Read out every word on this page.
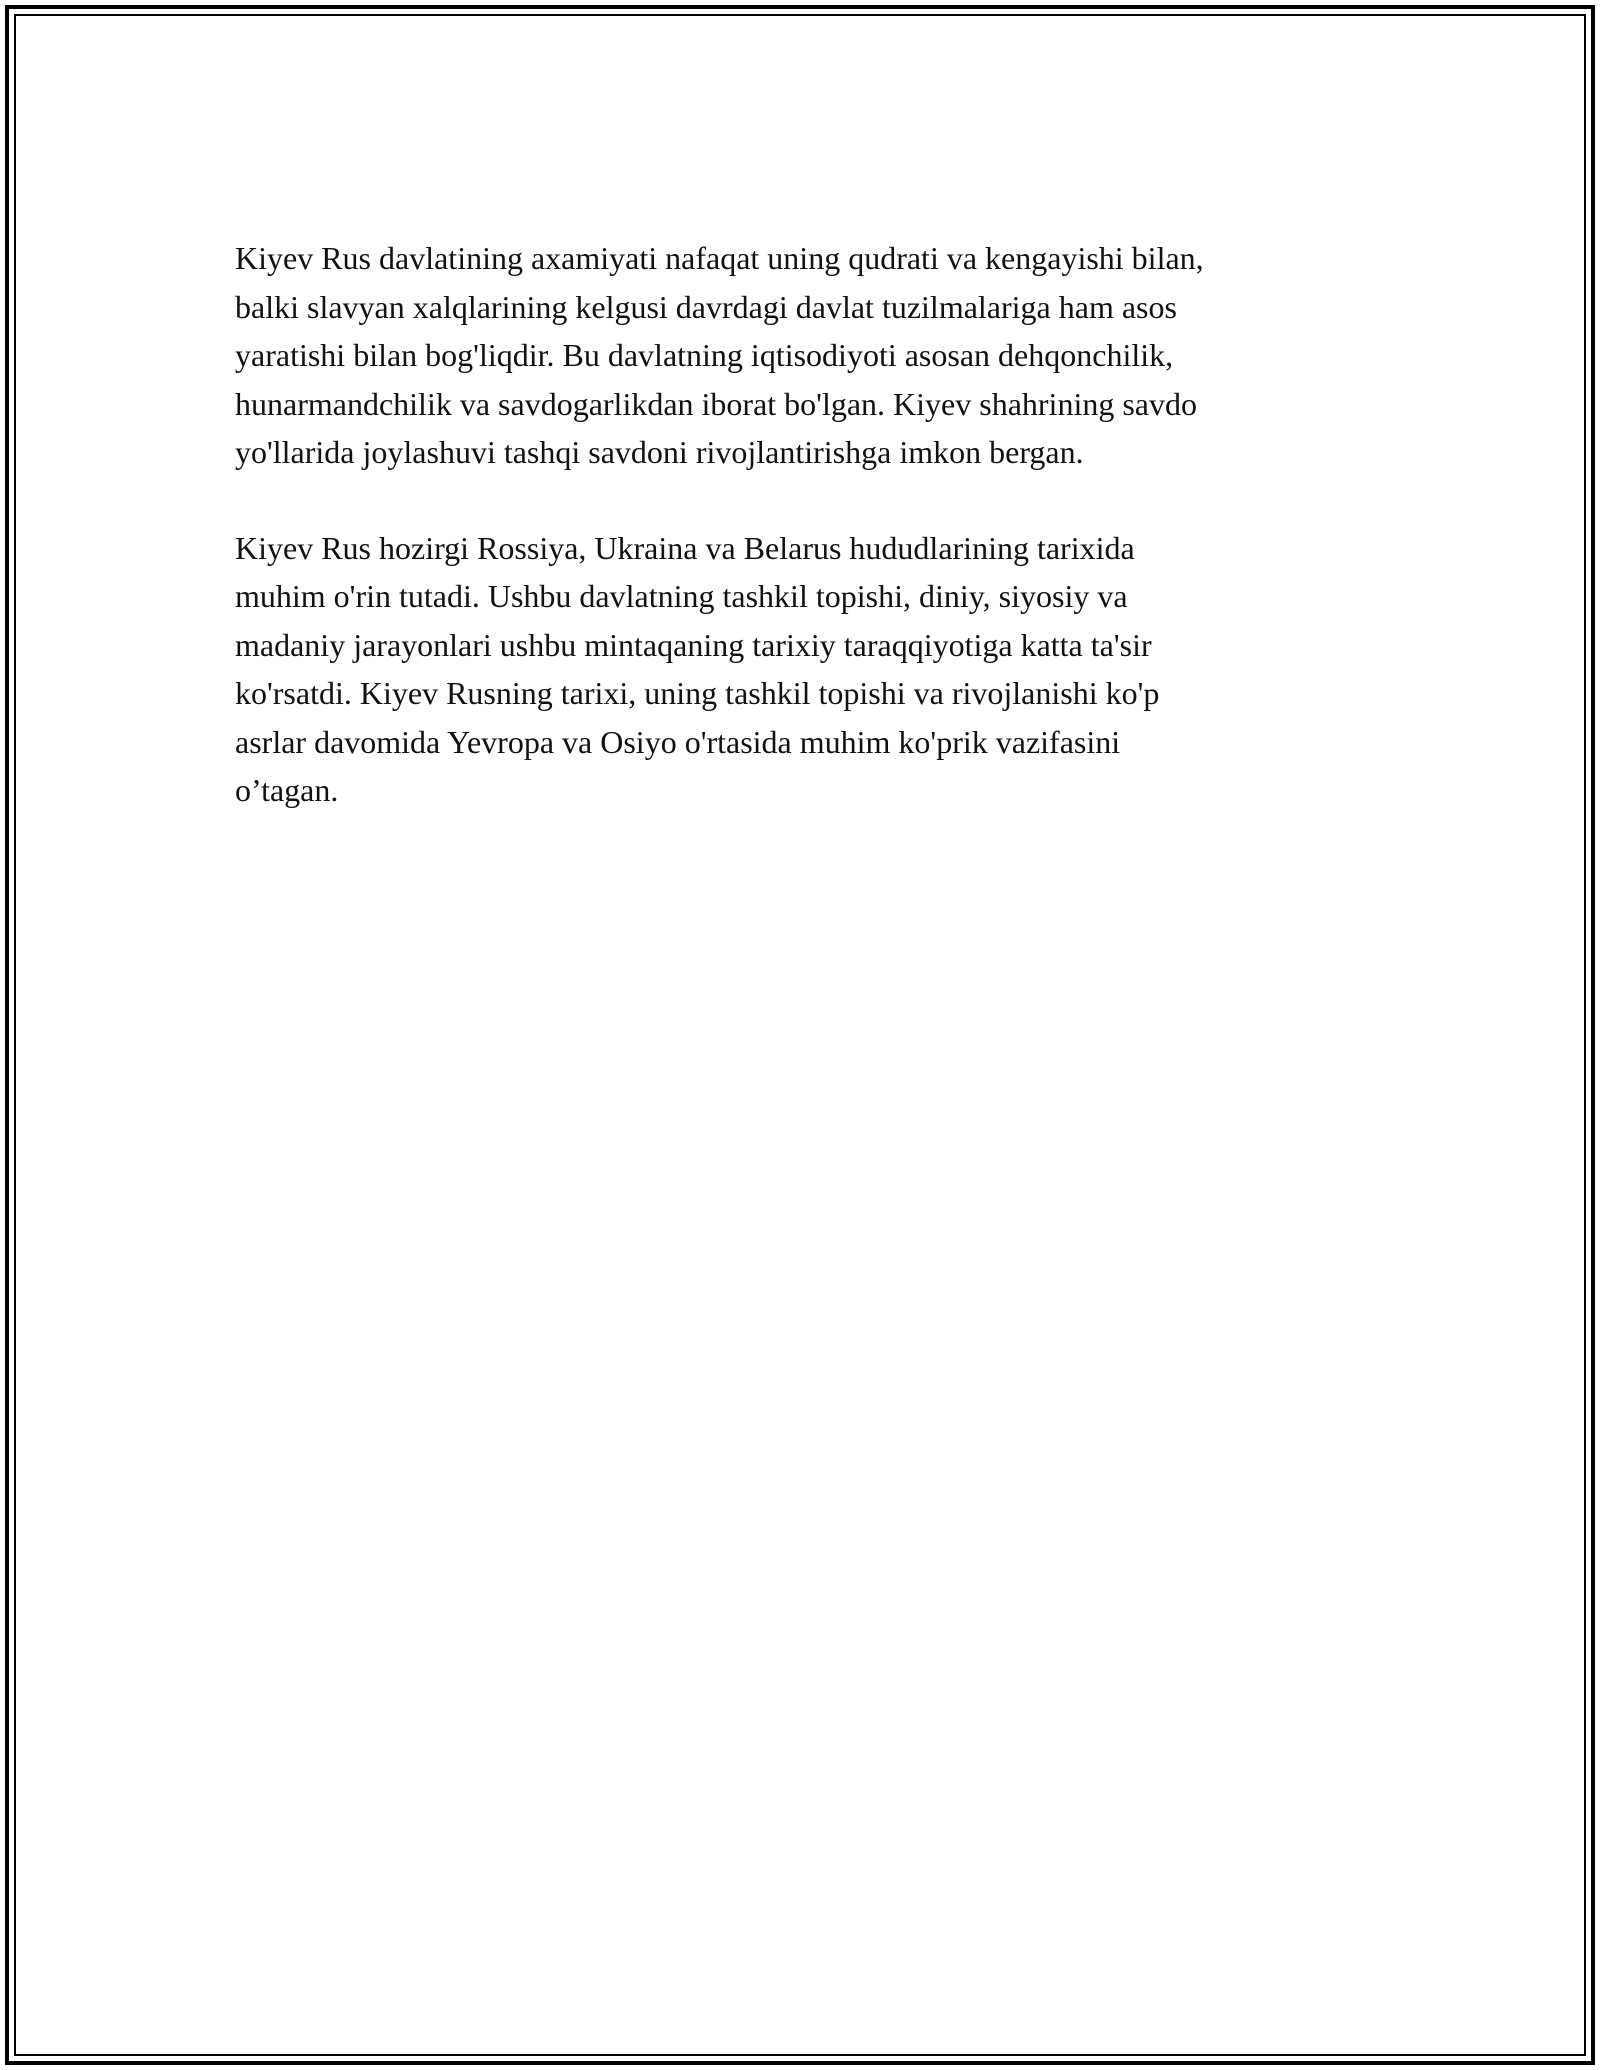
Kiyev Rus davlatining axamiyati nafaqat uning qudrati va kengayishi bilan,
balki slavyan xalqlarining kelgusi davrdagi davlat tuzilmalariga ham asos
yaratishi bilan bog'liqdir. Bu davlatning iqtisodiyoti asosan dehqonchilik,
hunarmandchilik va savdogarlikdan iborat bo'lgan. Kiyev shahrining savdo
yo'llarida joylashuvi tashqi savdoni rivojlantirishga imkon bergan.

Kiyev Rus hozirgi Rossiya, Ukraina va Belarus hududlarining tarixida
muhim o'rin tutadi. Ushbu davlatning tashkil topishi, diniy, siyosiy va
madaniy jarayonlari ushbu mintaqaning tarixiy taraqqiyotiga katta ta'sir
ko'rsatdi. Kiyev Rusning tarixi, uning tashkil topishi va rivojlanishi ko'p
asrlar davomida Yevropa va Osiyo o'rtasida muhim ko'prik vazifasini
o’tagan.
